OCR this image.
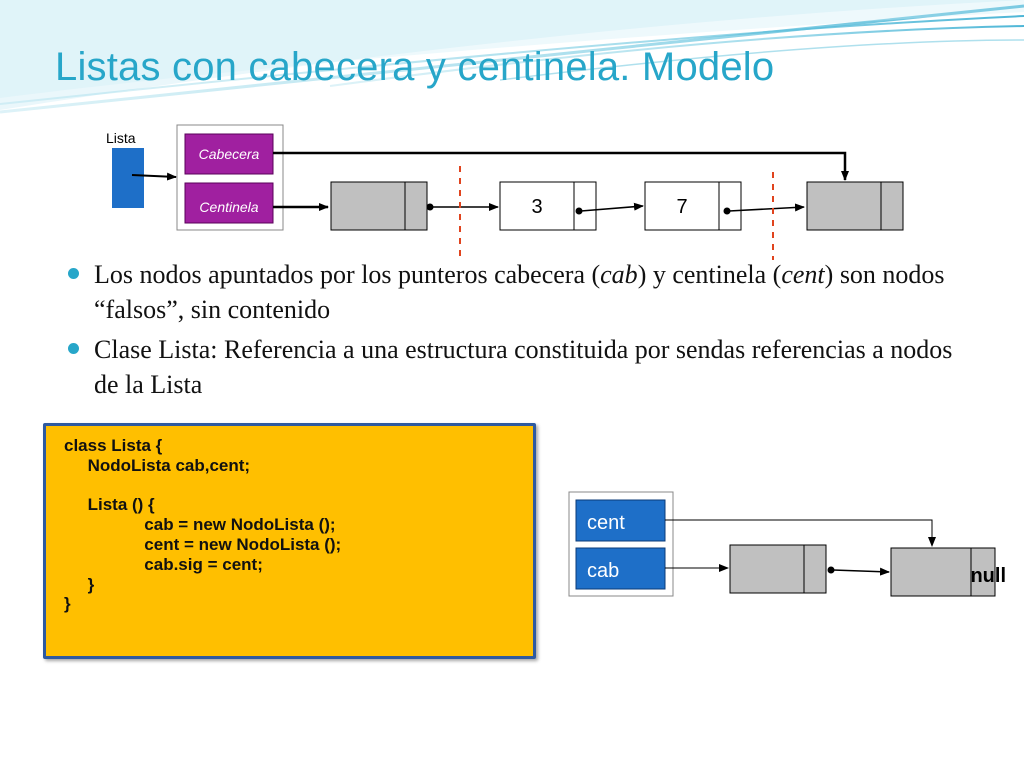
Listas con cabecera y centinela. Modelo
Lista
Cabecera
Centinela	3	7
Los nodos apuntados por los punteros cabecera (cab) y centinela (cent) son nodos “falsos”, sin contenido
Clase Lista: Referencia a una estructura constituida por sendas referencias a nodos de la Lista
class Lista {
NodoLista cab,cent;

Lista () {
cab = new NodoLista ();
cent = new NodoLista ();
cab.sig = cent;
}
}
cent
cab	null
